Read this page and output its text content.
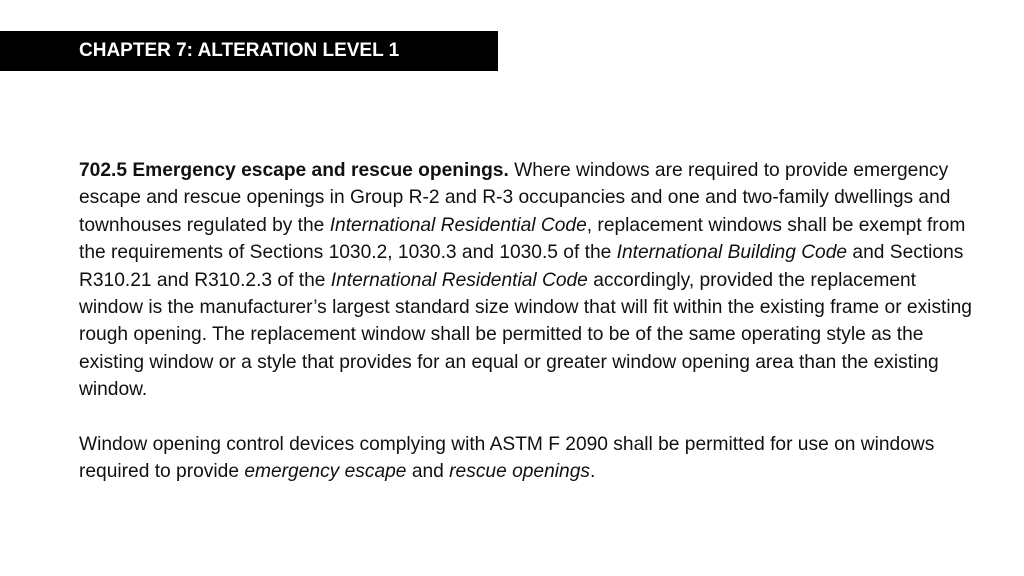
CHAPTER 7: ALTERATION LEVEL 1

702.5 Emergency escape and rescue openings. Where windows are required to provide emergency escape and rescue openings in Group R-2 and R-3 occupancies and one and two-family dwellings and townhouses regulated by the International Residential Code, replacement windows shall be exempt from the requirements of Sections 1030.2, 1030.3 and 1030.5 of the International Building Code and Sections R310.21 and R310.2.3 of the International Residential Code accordingly, provided the replacement window is the manufacturer’s largest standard size window that will fit within the existing frame or existing rough opening. The replacement window shall be permitted to be of the same operating style as the existing window or a style that provides for an equal or greater window opening area than the existing window.

Window opening control devices complying with ASTM F 2090 shall be permitted for use on windows required to provide emergency escape and rescue openings.
